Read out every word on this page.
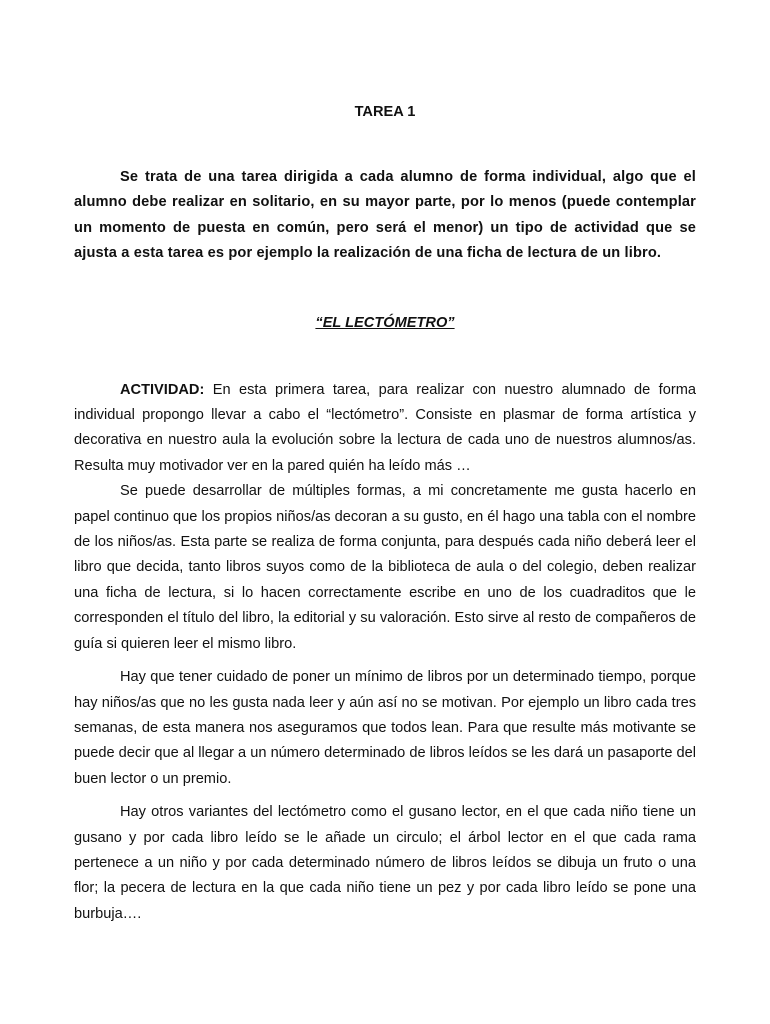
TAREA 1

Se trata de una tarea dirigida a cada alumno de forma individual, algo que el alumno debe realizar en solitario, en su mayor parte, por lo menos (puede contemplar un momento de puesta en común, pero será el menor) un tipo de actividad que se ajusta a esta tarea es por ejemplo la realización de una ficha de lectura de un libro.

“EL LECTÓMETRO”

ACTIVIDAD: En esta primera tarea, para realizar con nuestro alumnado de forma individual propongo llevar a cabo el “lectómetro”. Consiste en plasmar de forma artística y decorativa en nuestro aula la evolución sobre la lectura de cada uno de nuestros alumnos/as. Resulta muy motivador ver en la pared quién ha leído más …

Se puede desarrollar de múltiples formas, a mi concretamente me gusta hacerlo en papel continuo que los propios niños/as decoran a su gusto, en él hago una tabla con el nombre de los niños/as. Esta parte se realiza de forma conjunta, para después cada niño deberá leer el libro que decida, tanto libros suyos como de la biblioteca de aula o del colegio, deben realizar una ficha de lectura, si lo hacen correctamente escribe en uno de los cuadraditos que le corresponden el título del libro, la editorial y su valoración. Esto sirve al resto de compañeros de guía si quieren leer el mismo libro.

Hay que tener cuidado de poner un mínimo de libros por un determinado tiempo, porque hay niños/as que no les gusta nada leer y aún así no se motivan. Por ejemplo un libro cada tres semanas, de esta manera nos aseguramos que todos lean. Para que resulte más motivante se puede decir que al llegar a un número determinado de libros leídos se les dará un pasaporte del buen lector o un premio.

Hay otros variantes del lectómetro como el gusano lector, en el que cada niño tiene un gusano y por cada libro leído se le añade un circulo; el árbol lector en el que cada rama pertenece a un niño y por cada determinado número de libros leídos se dibuja un fruto o una flor; la pecera de lectura en la que cada niño tiene un pez y por cada libro leído se pone una burbuja….
